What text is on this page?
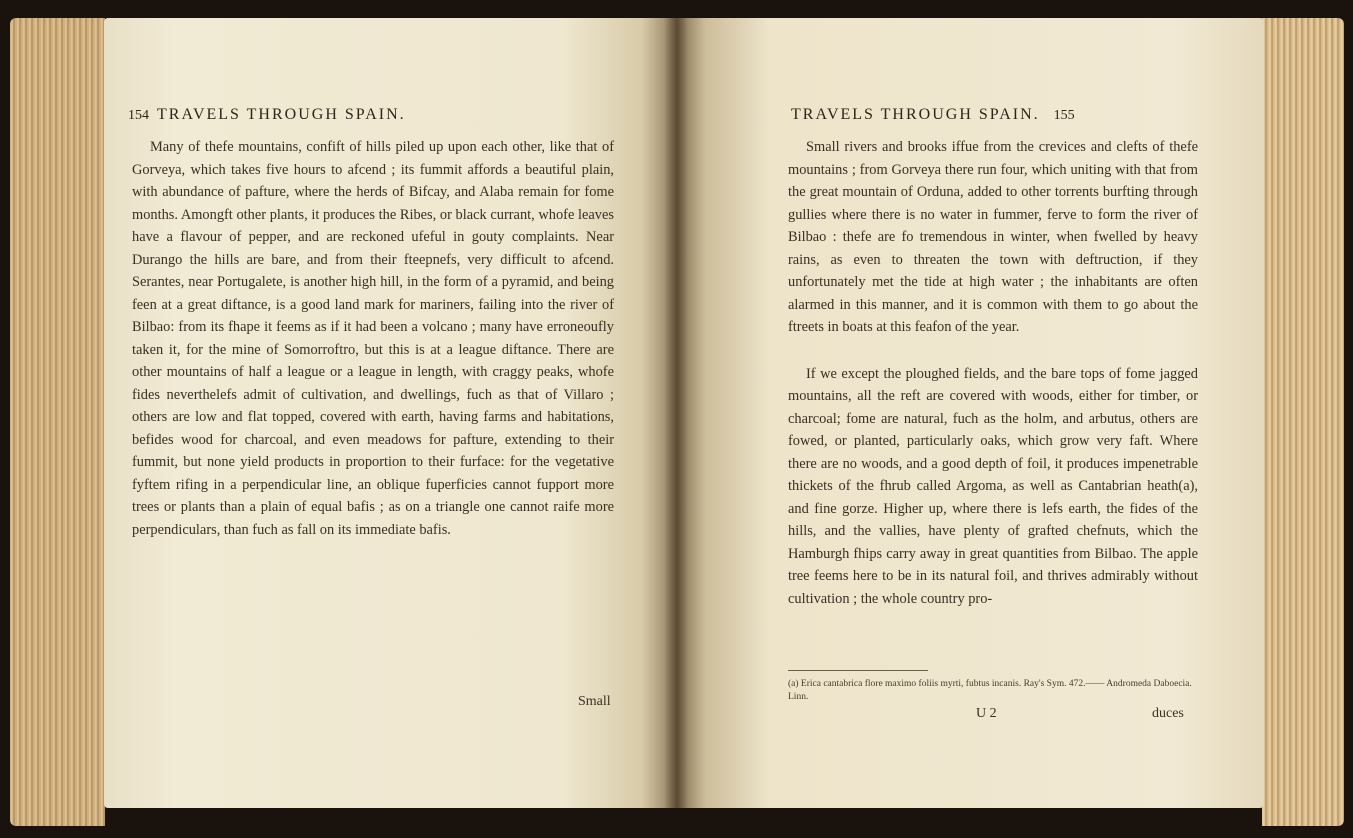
154 TRAVELS THROUGH SPAIN.

Many of thefe mountains, confift of hills piled up upon each other, like that of Gorveya, which takes five hours to afcend ; its fummit affords a beautiful plain, with abundance of pafture, where the herds of Bifcay, and Alaba remain for fome months. Amongft other plants, it produces the Ribes, or black currant, whofe leaves have a flavour of pepper, and are reckoned ufeful in gouty complaints. Near Durango the hills are bare, and from their fteepnefs, very difficult to afcend. Serantes, near Portugalete, is another high hill, in the form of a pyramid, and being feen at a great diftance, is a good land mark for mariners, failing into the river of Bilbao: from its fhape it feems as if it had been a volcano ; many have erroneoufly taken it, for the mine of Somorroftro, but this is at a league diftance. There are other mountains of half a league or a league in length, with craggy peaks, whofe fides neverthelefs admit of cultivation, and dwellings, fuch as that of Villaro ; others are low and flat topped, covered with earth, having farms and habitations, befides wood for charcoal, and even meadows for pafture, extending to their fummit, but none yield products in proportion to their furface: for the vegetative fyftem rifing in a perpendicular line, an oblique fuperficies cannot fupport more trees or plants than a plain of equal bafis ; as on a triangle one cannot raife more perpendiculars, than fuch as fall on its immediate bafis.

Small
TRAVELS THROUGH SPAIN. 155

Small rivers and brooks iffue from the crevices and clefts of thefe mountains ; from Gorveya there run four, which uniting with that from the great mountain of Orduna, added to other torrents burfting through gullies where there is no water in fummer, ferve to form the river of Bilbao : thefe are fo tremendous in winter, when fwelled by heavy rains, as even to threaten the town with deftruction, if they unfortunately met the tide at high water ; the inhabitants are often alarmed in this manner, and it is common with them to go about the ftreets in boats at this feafon of the year.

If we except the ploughed fields, and the bare tops of fome jagged mountains, all the reft are covered with woods, either for timber, or charcoal; fome are natural, fuch as the holm, and arbutus, others are fowed, or planted, particularly oaks, which grow very faft. Where there are no woods, and a good depth of foil, it produces impenetrable thickets of the fhrub called Argoma, as well as Cantabrian heath(a), and fine gorze. Higher up, where there is lefs earth, the fides of the hills, and the vallies, have plenty of grafted chefnuts, which the Hamburgh fhips carry away in great quantities from Bilbao. The apple tree feems here to be in its natural foil, and thrives admirably without cultivation ; the whole country pro-

(a) Erica cantabrica flore maximo foliis myrti, fubtus incanis. Ray's Sym. 472.—— Andromeda Daboecia. Linn.
U 2	duces
